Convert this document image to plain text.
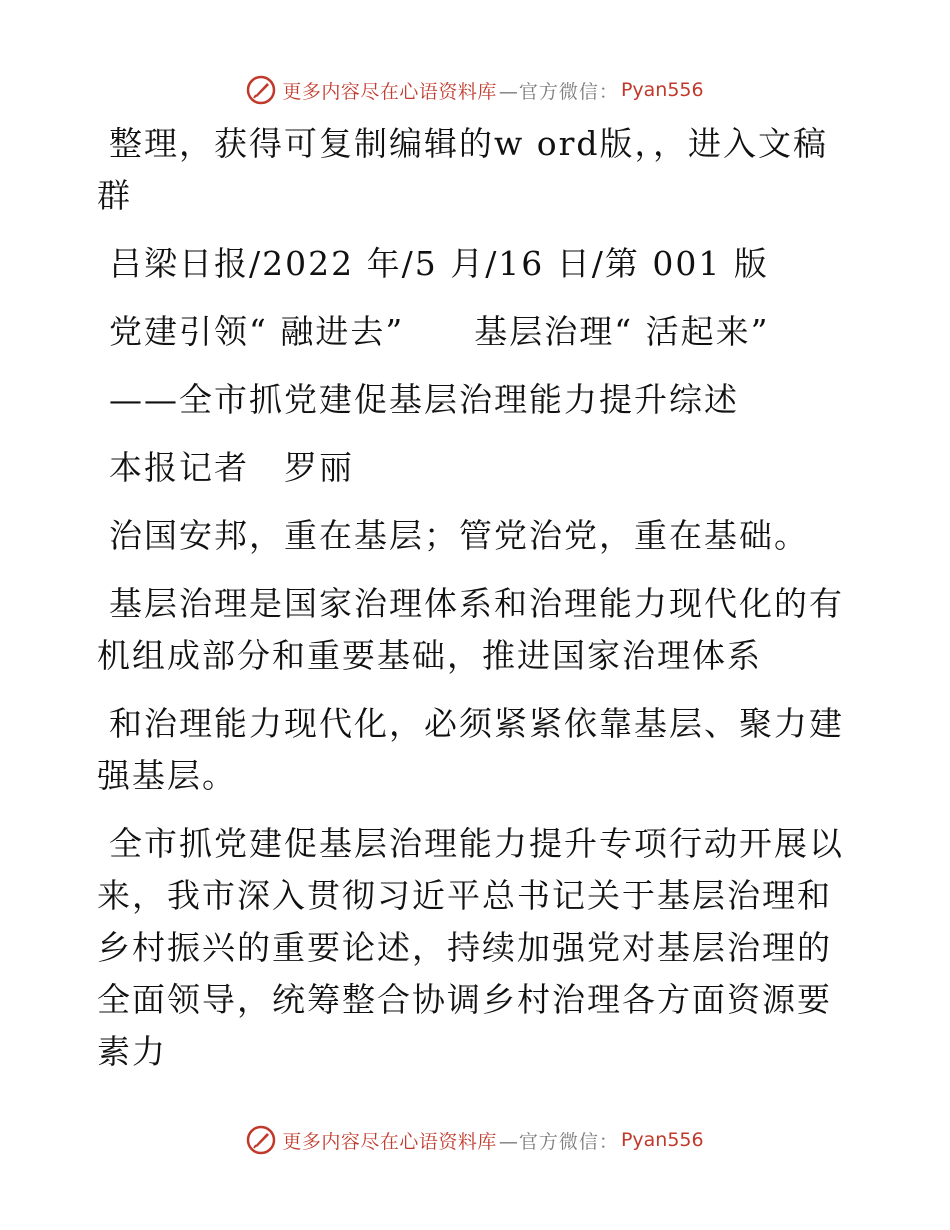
更多内容尽在心语资料库 —官方微信： Pyan556

整理，获得可复制编辑的w ord版，，进入文稿群

吕梁日报/2022 年/5 月/16 日/第 001 版

党建引领“ 融进去”　　基层治理“ 活起来”

——全市抓党建促基层治理能力提升综述

本报记者　罗丽

治国安邦，重在基层；管党治党，重在基础。

基层治理是国家治理体系和治理能力现代化的有机组成部分和重要基础，推进国家治理体系

和治理能力现代化，必须紧紧依靠基层、聚力建强基层。

全市抓党建促基层治理能力提升专项行动开展以来，我市深入贯彻习近平总书记关于基层治理和乡村振兴的重要论述，持续加强党对基层治理的全面领导，统筹整合协调乡村治理各方面资源要素力

更多内容尽在心语资料库 —官方微信： Pyan556
